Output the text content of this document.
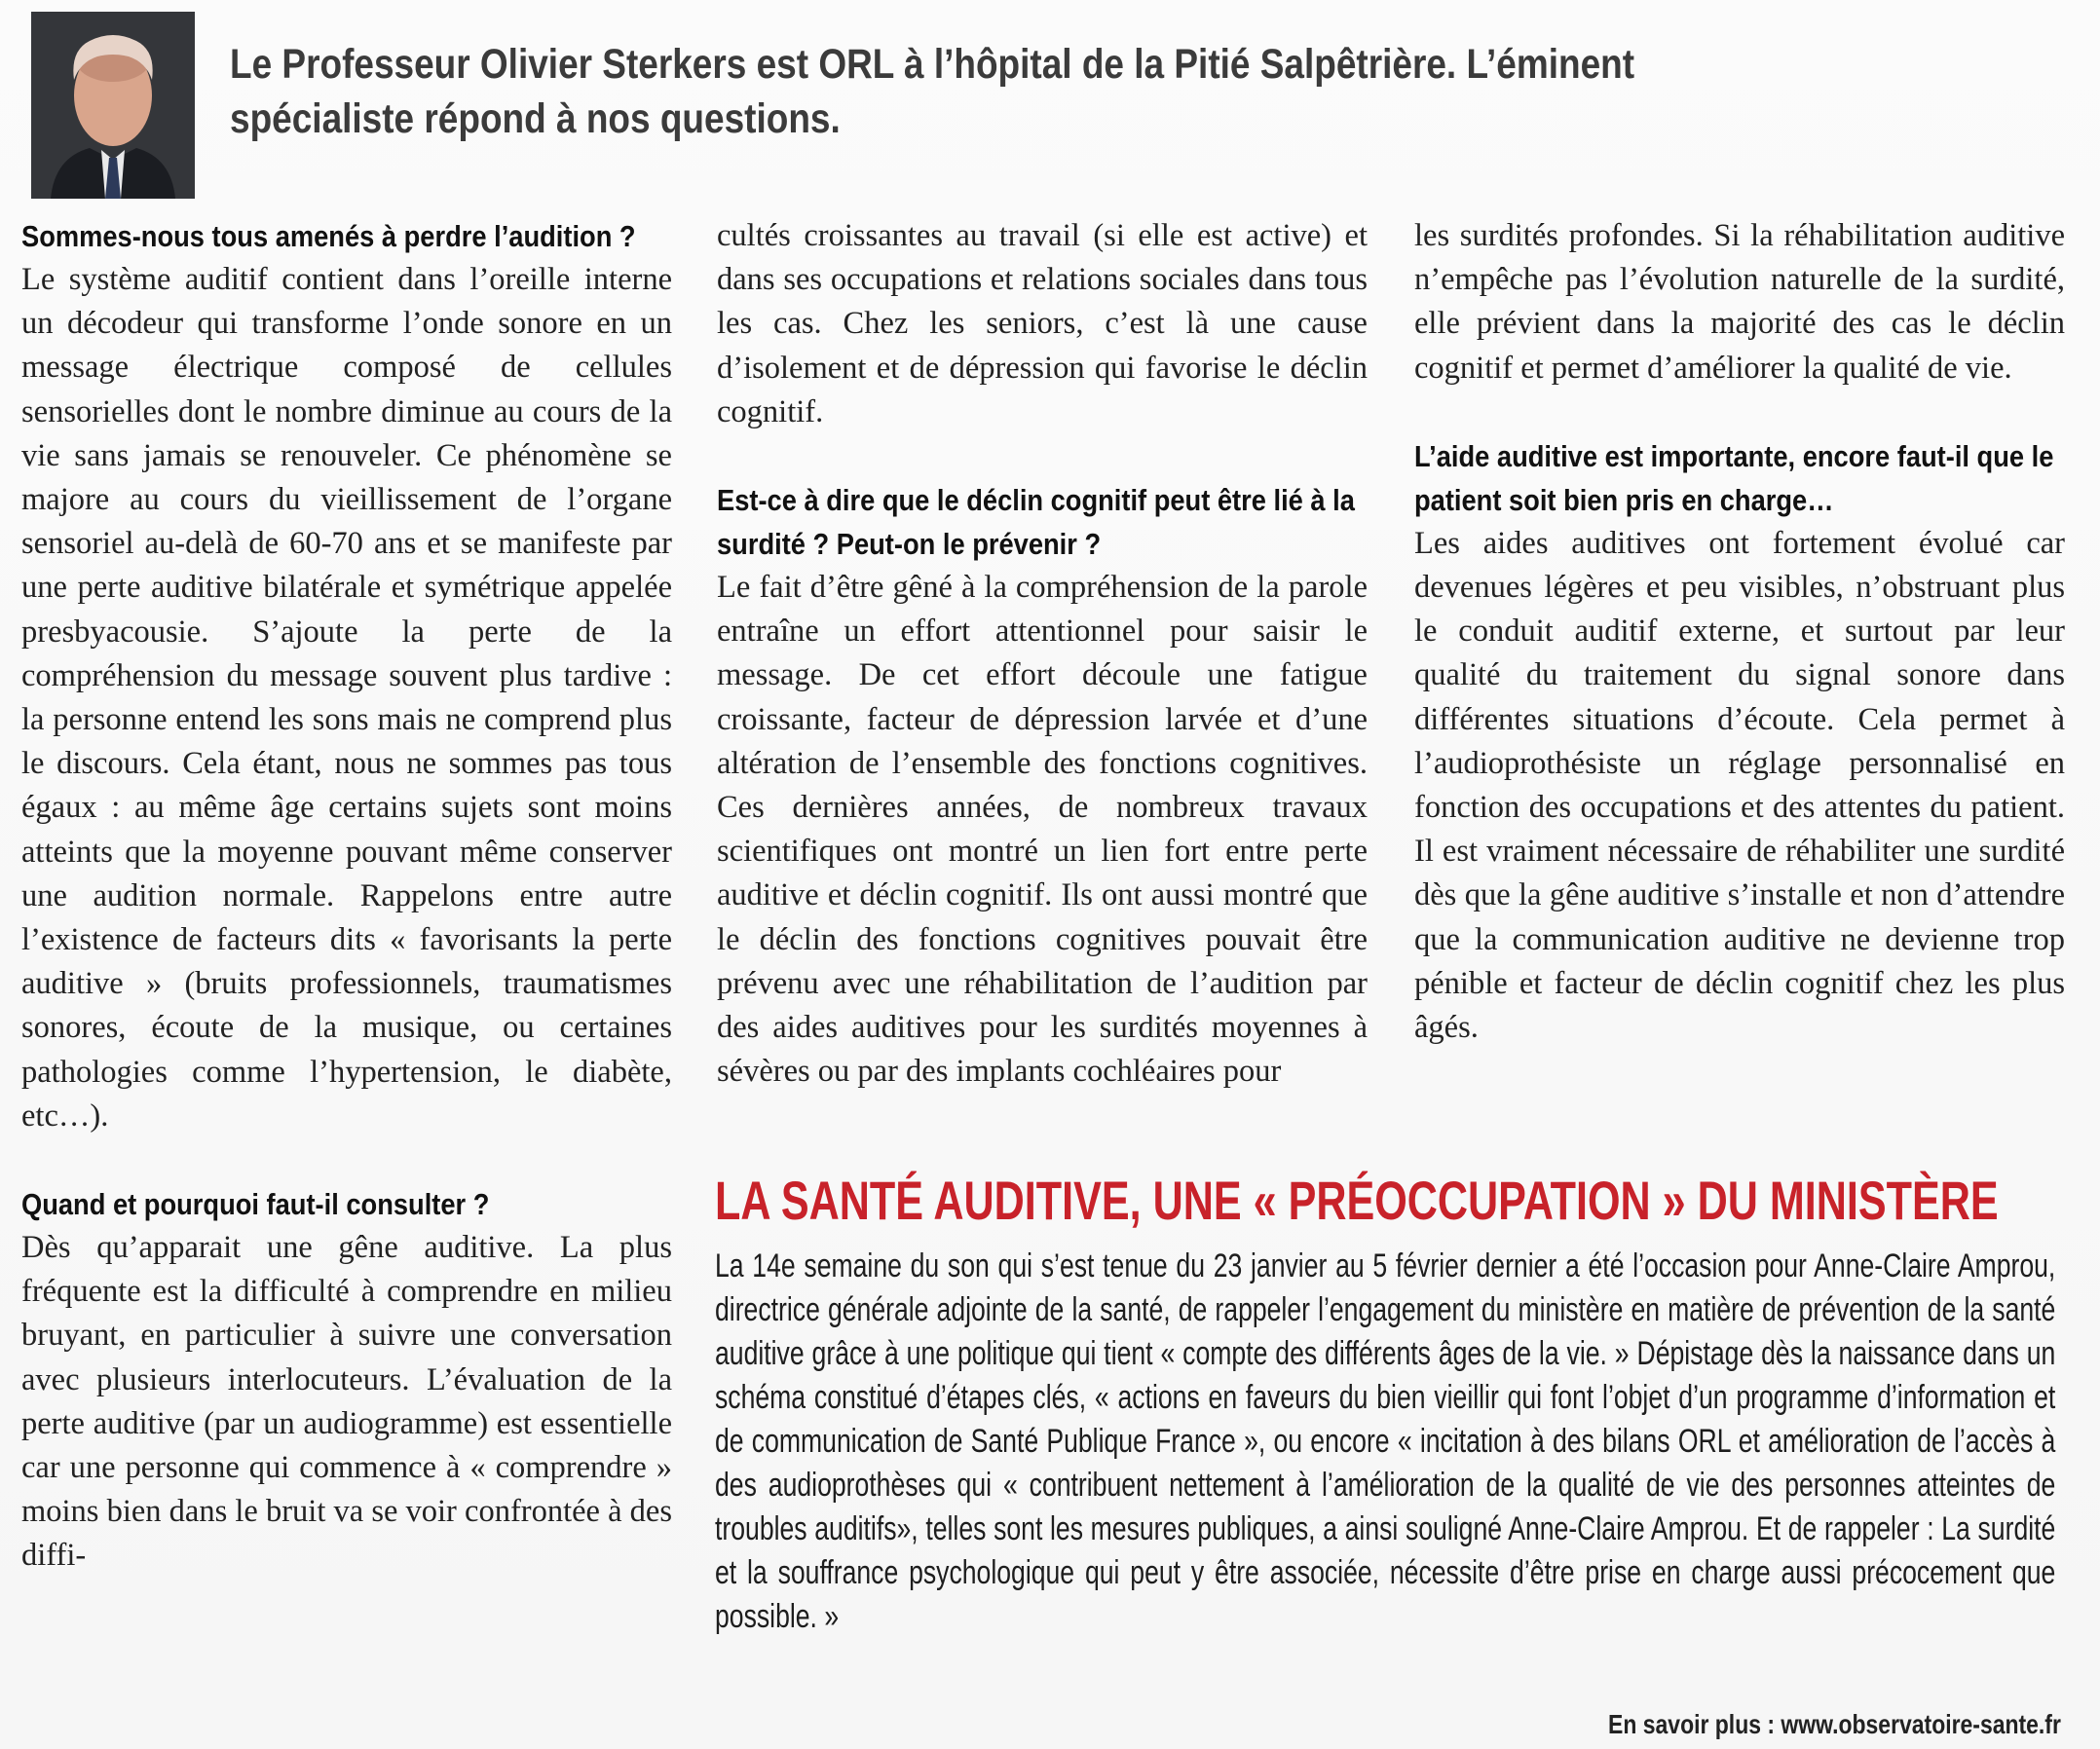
Le Professeur Olivier Sterkers est ORL à l’hôpital de la Pitié Salpêtrière. L’éminent spécialiste répond à nos questions.

Sommes-nous tous amenés à perdre l’audition ?

Le système auditif contient dans l’oreille interne un décodeur qui transforme l’onde sonore en un message électrique composé de cellules sensorielles dont le nombre diminue au cours de la vie sans jamais se renouveler. Ce phénomène se majore au cours du vieillissement de l’organe sensoriel au-delà de 60-70 ans et se manifeste par une perte auditive bilatérale et symétrique appelée presbyacousie. S’ajoute la perte de la compréhension du message souvent plus tardive : la personne entend les sons mais ne comprend plus le discours. Cela étant, nous ne sommes pas tous égaux : au même âge certains sujets sont moins atteints que la moyenne pouvant même conserver une audition normale. Rappelons entre autre l’existence de facteurs dits « favorisants la perte auditive » (bruits professionnels, traumatismes sonores, écoute de la musique, ou certaines pathologies comme l’hypertension, le diabète, etc…).

Quand et pourquoi faut-il consulter ?

Dès qu’apparait une gêne auditive. La plus fréquente est la difficulté à comprendre en milieu bruyant, en particulier à suivre une conversation avec plusieurs interlocuteurs. L’évaluation de la perte auditive (par un audiogramme) est essentielle car une personne qui commence à « comprendre » moins bien dans le bruit va se voir confrontée à des diffi-

cultés croissantes au travail (si elle est active) et dans ses occupations et relations sociales dans tous les cas. Chez les seniors, c’est là une cause d’isolement et de dépression qui favorise le déclin cognitif.

Est-ce à dire que le déclin cognitif peut être lié à la surdité ? Peut-on le prévenir ?

Le fait d’être gêné à la compréhension de la parole entraîne un effort attentionnel pour saisir le message. De cet effort découle une fatigue croissante, facteur de dépression larvée et d’une altération de l’ensemble des fonctions cognitives. Ces dernières années, de nombreux travaux scientifiques ont montré un lien fort entre perte auditive et déclin cognitif. Ils ont aussi montré que le déclin des fonctions cognitives pouvait être prévenu avec une réhabilitation de l’audition par des aides auditives pour les surdités moyennes à sévères ou par des implants cochléaires pour

les surdités profondes. Si la réhabilitation auditive n’empêche pas l’évolution naturelle de la surdité, elle prévient dans la majorité des cas le déclin cognitif et permet d’améliorer la qualité de vie.

L’aide auditive est importante, encore faut-il que le patient soit bien pris en charge…

Les aides auditives ont fortement évolué car devenues légères et peu visibles, n’obstruant plus le conduit auditif externe, et surtout par leur qualité du traitement du signal sonore dans différentes situations d’écoute. Cela permet à l’audioprothésiste un réglage personnalisé en fonction des occupations et des attentes du patient. Il est vraiment nécessaire de réhabiliter une surdité dès que la gêne auditive s’installe et non d’attendre que la communication auditive ne devienne trop pénible et facteur de déclin cognitif chez les plus âgés.

LA SANTÉ AUDITIVE, UNE « PRÉOCCUPATION » DU MINISTÈRE
La 14e semaine du son qui s’est tenue du 23 janvier au 5 février dernier a été l’occasion pour Anne-Claire Amprou, directrice générale adjointe de la santé, de rappeler l’engagement du ministère en matière de prévention de la santé auditive grâce à une politique qui tient « compte des différents âges de la vie. » Dépistage dès la naissance dans un schéma constitué d’étapes clés, « actions en faveurs du bien vieillir qui font l’objet d’un programme d’information et de communication de Santé Publique France », ou encore « incitation à des bilans ORL et amélioration de l’accès à des audioprothèses qui « contribuent nettement à l’amélioration de la qualité de vie des personnes atteintes de troubles auditifs», telles sont les mesures publiques, a ainsi souligné Anne-Claire Amprou. Et de rappeler : La surdité et la souffrance psychologique qui peut y être associée, nécessite d’être prise en charge aussi précocement que possible. »
En savoir plus : www.observatoire-sante.fr
